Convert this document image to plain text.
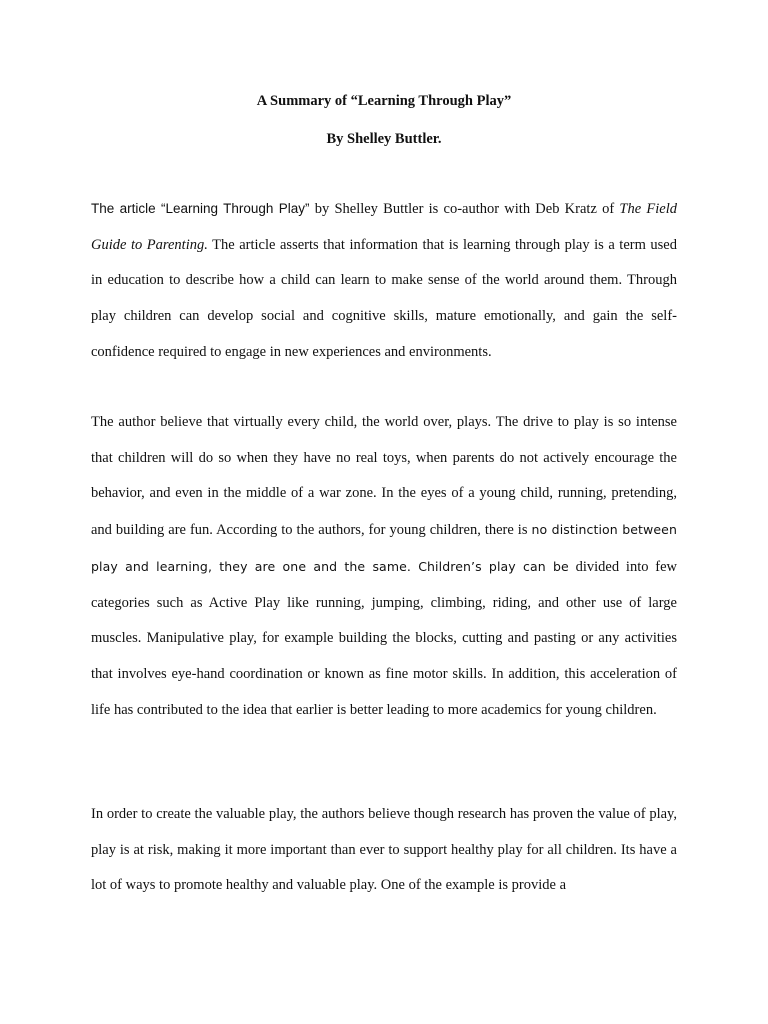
A Summary of “Learning Through Play”
By Shelley Buttler.

The article “Learning Through Play” by Shelley Buttler is co-author with Deb Kratz of The Field Guide to Parenting. The article asserts that information that is learning through play is a term used in education to describe how a child can learn to make sense of the world around them. Through play children can develop social and cognitive skills, mature emotionally, and gain the self-confidence required to engage in new experiences and environments.

The author believe that virtually every child, the world over, plays. The drive to play is so intense that children will do so when they have no real toys, when parents do not actively encourage the behavior, and even in the middle of a war zone. In the eyes of a young child, running, pretending, and building are fun. According to the authors, for young children, there is no distinction between play and learning, they are one and the same. Children’s play can be divided into few categories such as Active Play like running, jumping, climbing, riding, and other use of large muscles. Manipulative play, for example building the blocks, cutting and pasting or any activities that involves eye-hand coordination or known as fine motor skills. In addition, this acceleration of life has contributed to the idea that earlier is better leading to more academics for young children.

In order to create the valuable play, the authors believe though research has proven the value of play, play is at risk, making it more important than ever to support healthy play for all children. Its have a lot of ways to promote healthy and valuable play. One of the example is provide a
